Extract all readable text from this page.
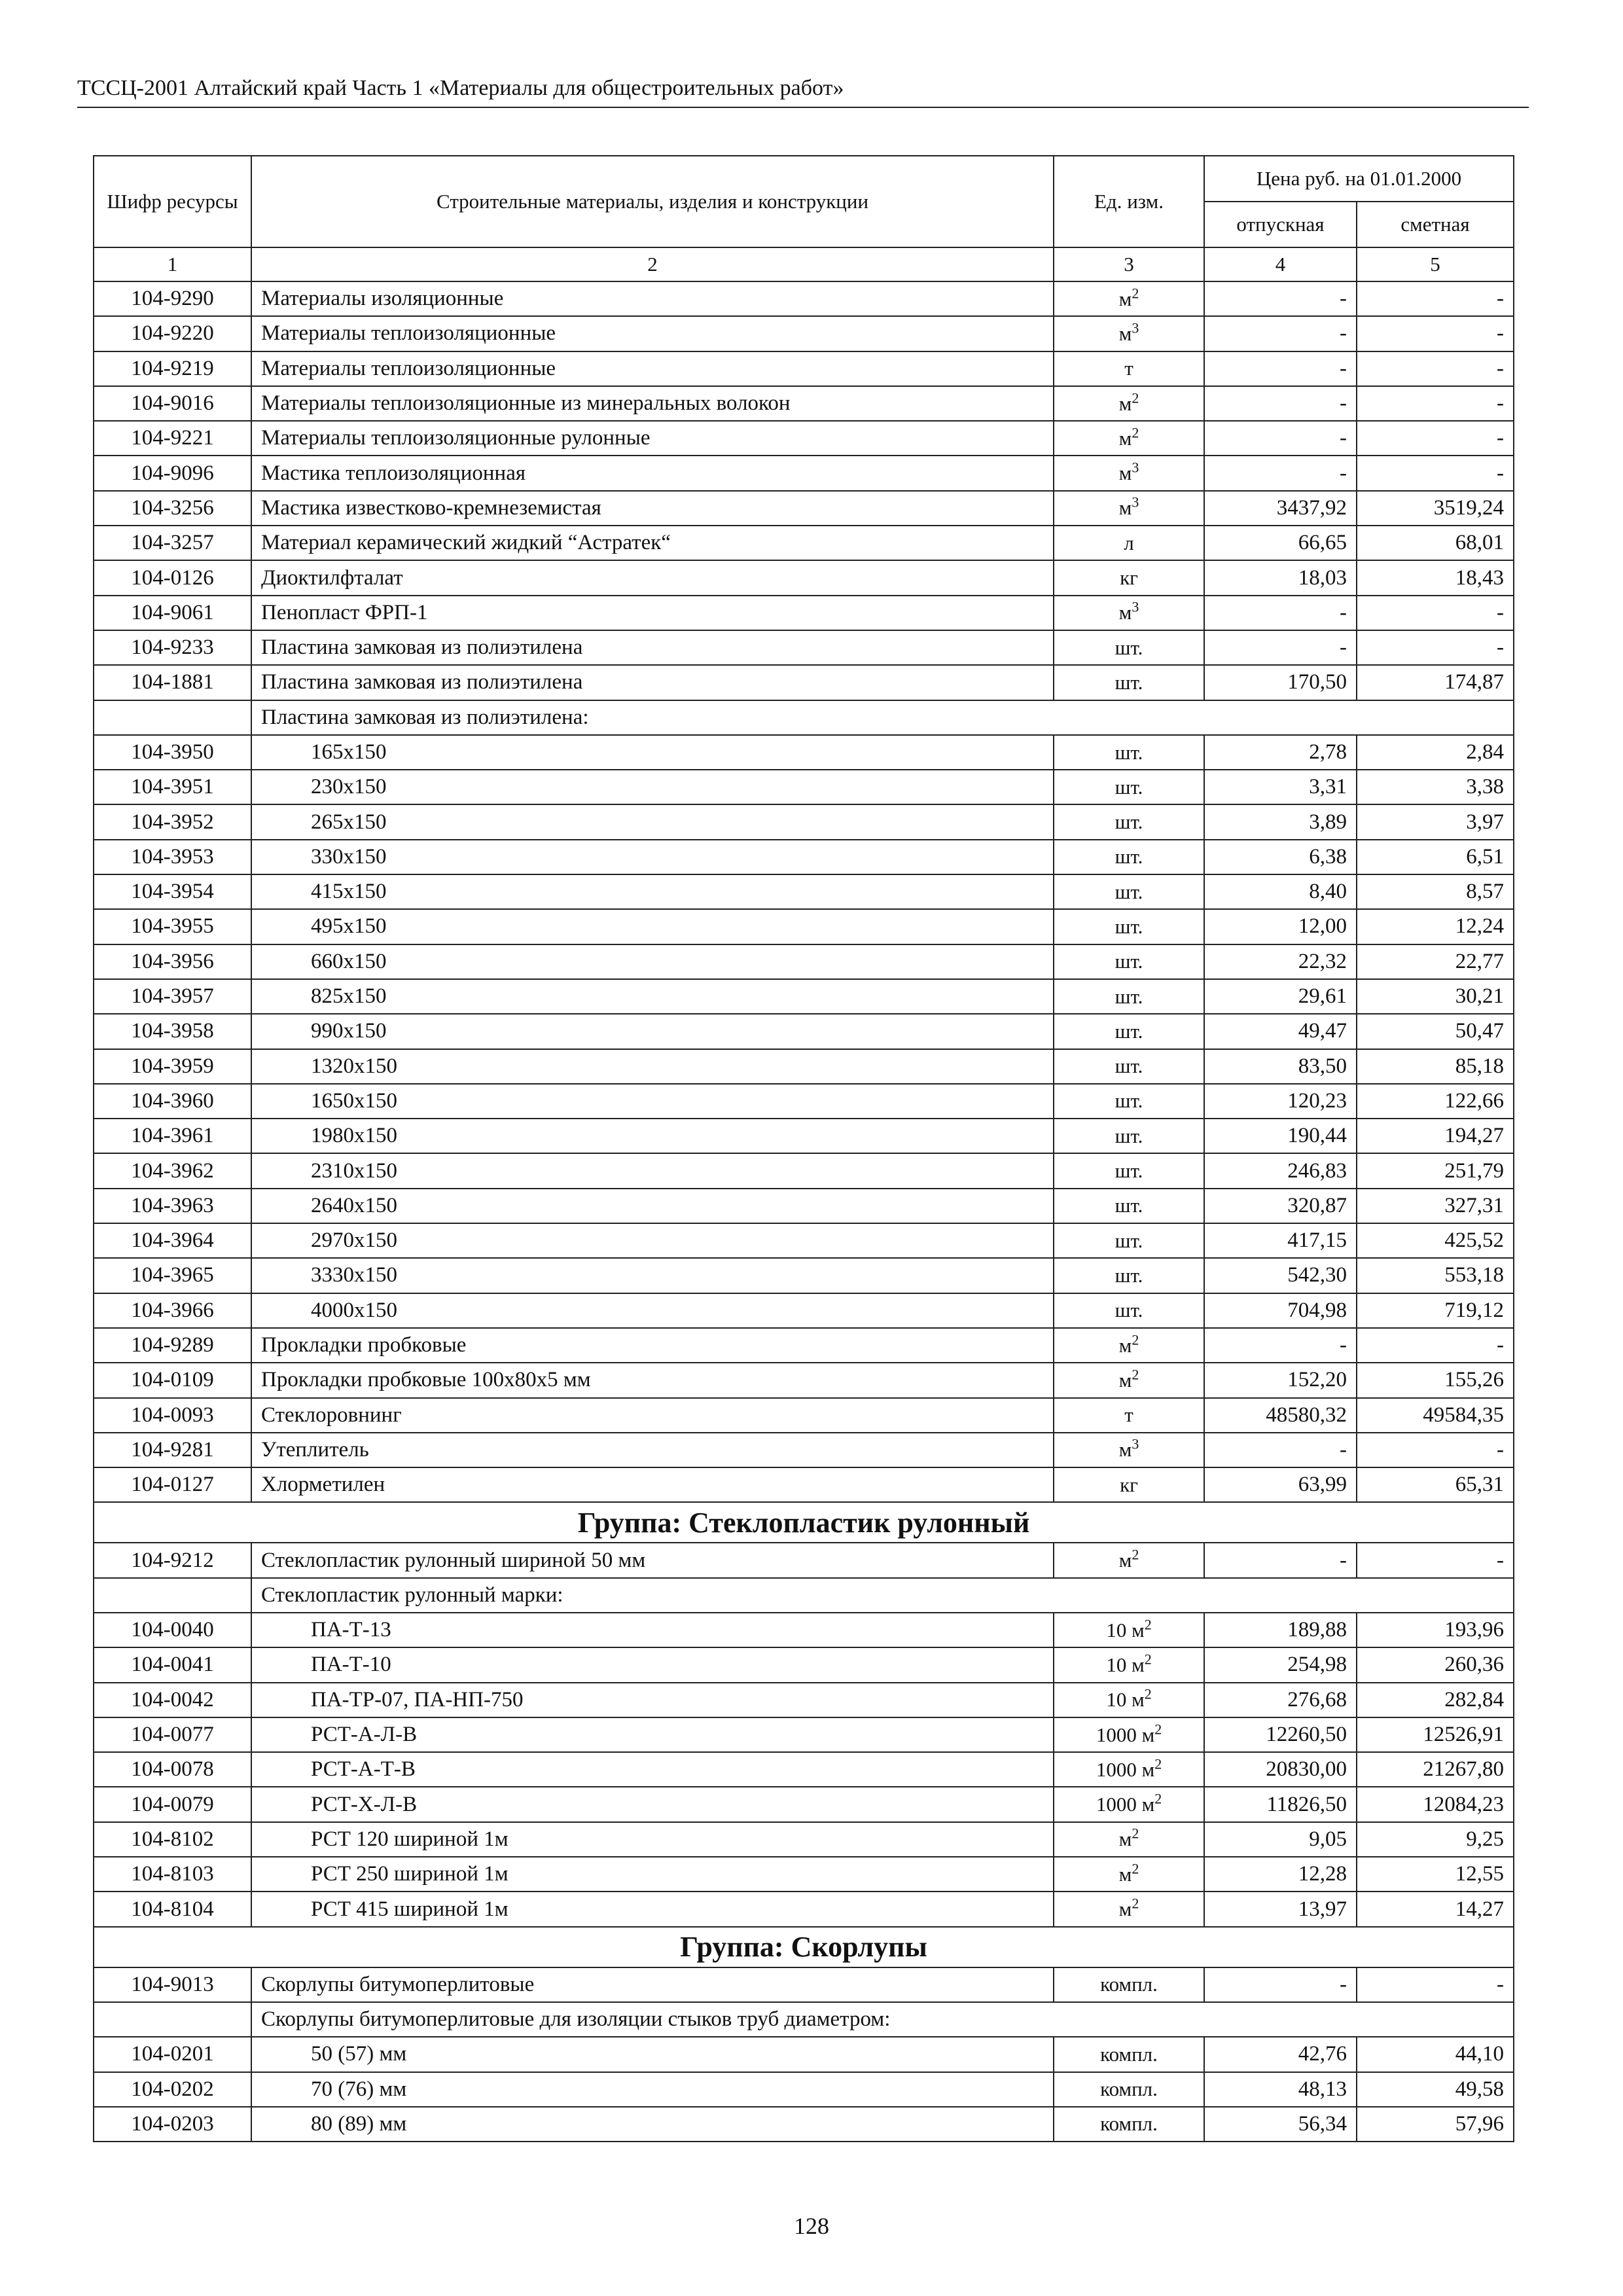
ТССЦ-2001 Алтайский край Часть 1 «Материалы для общестроительных работ»
Шифр ресурсы	Строительные материалы, изделия и конструкции	Ед. изм.	Цена руб. на 01.01.2000	
			отпускная	сметная
1	2	3	4	5
104-9290	Материалы изоляционные	$м^2$	-	-
104-9220	Материалы теплоизоляционные	$м^3$	-	-
104-9219	Материалы теплоизоляционные	т	-	-
104-9016	Материалы теплоизоляционные из минеральных волокон	$м^2$	-	-
104-9221	Материалы теплоизоляционные рулонные	$м^2$	-	-
104-9096	Мастика теплоизоляционная	$м^3$	-	-
104-3256	Мастика известково-кремнеземистая	$м^3$	3437,92	3519,24
104-3257	Материал керамический жидкий “Астратек“	л	66,65	68,01
104-0126	Диоктилфталат	кг	18,03	18,43
104-9061	Пенопласт ФРП-1	$м^3$	-	-
104-9233	Пластина замковая из полиэтилена	шт.	-	-
104-1881	Пластина замковая из полиэтилена	шт.	170,50	174,87
	Пластина замковая из полиэтилена:			
104-3950	165х150	шт.	2,78	2,84
104-3951	230х150	шт.	3,31	3,38
104-3952	265х150	шт.	3,89	3,97
104-3953	330х150	шт.	6,38	6,51
104-3954	415х150	шт.	8,40	8,57
104-3955	495х150	шт.	12,00	12,24
104-3956	660х150	шт.	22,32	22,77
104-3957	825х150	шт.	29,61	30,21
104-3958	990х150	шт.	49,47	50,47
104-3959	1320х150	шт.	83,50	85,18
104-3960	1650х150	шт.	120,23	122,66
104-3961	1980х150	шт.	190,44	194,27
104-3962	2310х150	шт.	246,83	251,79
104-3963	2640х150	шт.	320,87	327,31
104-3964	2970х150	шт.	417,15	425,52
104-3965	3330х150	шт.	542,30	553,18
104-3966	4000х150	шт.	704,98	719,12
104-9289	Прокладки пробковые	$м^2$	-	-
104-0109	Прокладки пробковые 100х80х5 мм	$м^2$	152,20	155,26
104-0093	Стеклоровнинг	т	48580,32	49584,35
104-9281	Утеплитель	$м^3$	-	-
104-0127	Хлорметилен	кг	63,99	65,31
Группа: Стеклопластик рулонный				
104-9212	Стеклопластик рулонный шириной 50 мм	$м^2$	-	-
	Стеклопластик рулонный марки:			
104-0040	ПА-Т-13	10 $м^2$	189,88	193,96
104-0041	ПА-Т-10	10 $м^2$	254,98	260,36
104-0042	ПА-ТР-07, ПА-НП-750	10 $м^2$	276,68	282,84
104-0077	РСТ-А-Л-В	1000 $м^2$	12260,50	12526,91
104-0078	РСТ-А-Т-В	1000 $м^2$	20830,00	21267,80
104-0079	РСТ-Х-Л-В	1000 $м^2$	11826,50	12084,23
104-8102	РСТ 120 шириной 1м	$м^2$	9,05	9,25
104-8103	РСТ 250 шириной 1м	$м^2$	12,28	12,55
104-8104	РСТ 415 шириной 1м	$м^2$	13,97	14,27
Группа: Скорлупы				
104-9013	Скорлупы битумоперлитовые	компл.	-	-
	Скорлупы битумоперлитовые для изоляции стыков труб диаметром:			
104-0201	50 (57) мм	компл.	42,76	44,10
104-0202	70 (76) мм	компл.	48,13	49,58
104-0203	80 (89) мм	компл.	56,34	57,96
128
